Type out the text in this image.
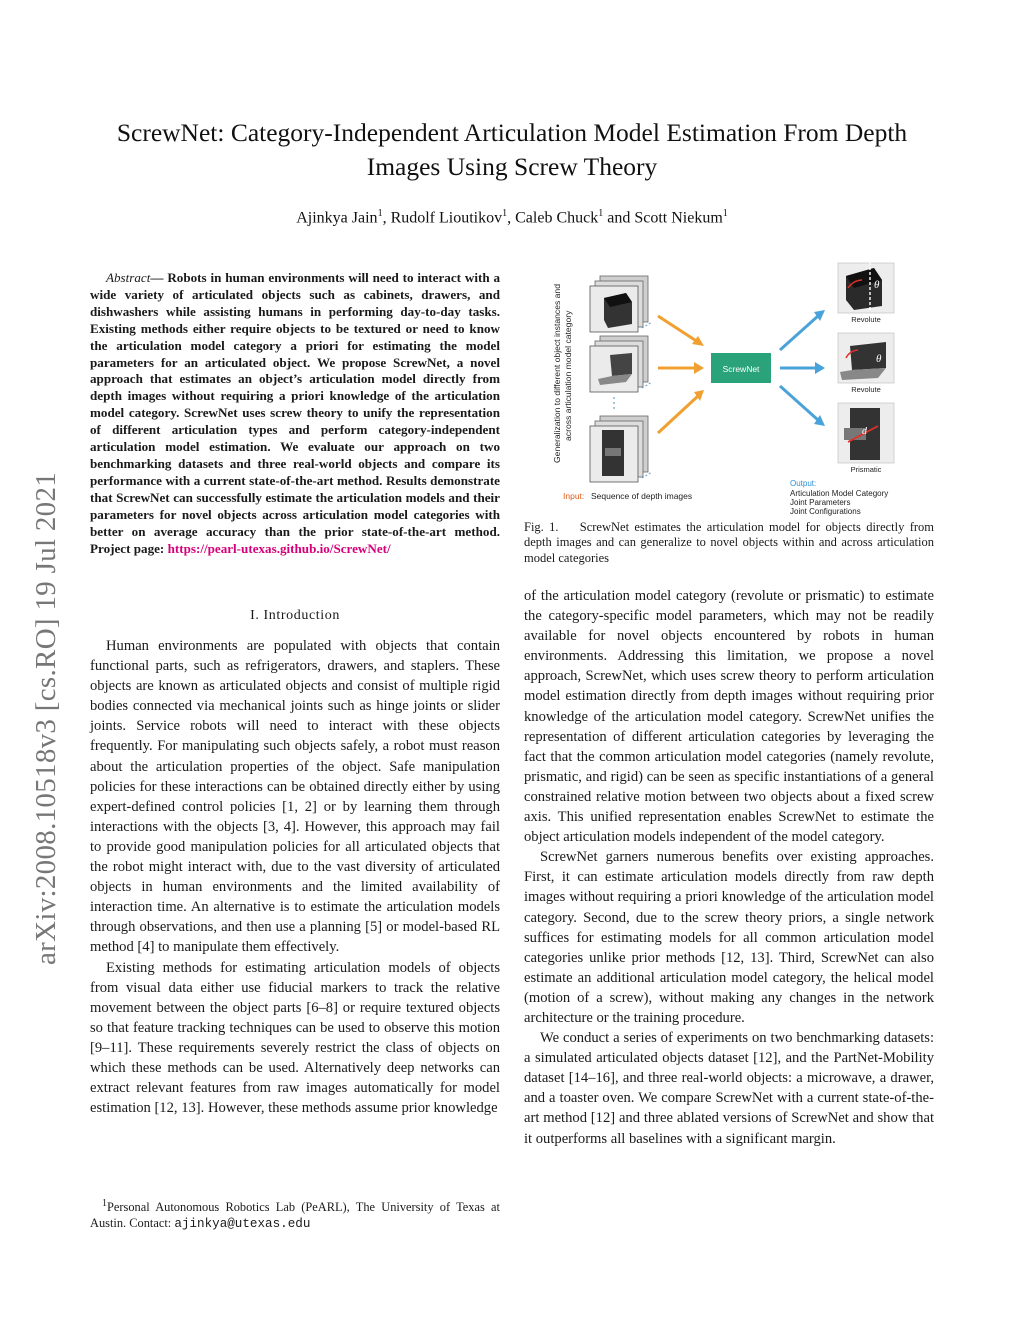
arXiv:2008.10518v3 [cs.RO] 19 Jul 2021
ScrewNet: Category-Independent Articulation Model Estimation From Depth Images Using Screw Theory
Ajinkya Jain$^1$, Rudolf Lioutikov$^1$, Caleb Chuck$^1$ and Scott Niekum$^1$
Abstract— Robots in human environments will need to interact with a wide variety of articulated objects such as cabinets, drawers, and dishwashers while assisting humans in performing day-to-day tasks. Existing methods either require objects to be textured or need to know the articulation model category a priori for estimating the model parameters for an articulated object. We propose ScrewNet, a novel approach that estimates an object’s articulation model directly from depth images without requiring a priori knowledge of the articulation model category. ScrewNet uses screw theory to unify the representation of different articulation types and perform category-independent articulation model estimation. We evaluate our approach on two benchmarking datasets and three real-world objects and compare its performance with a current state-of-the-art method. Results demonstrate that ScrewNet can successfully estimate the articulation models and their parameters for novel objects across articulation model categories with better on average accuracy than the prior state-of-the-art method. Project page: https://pearl-utexas.github.io/ScrewNet/
I. Introduction

Human environments are populated with objects that contain functional parts, such as refrigerators, drawers, and staplers. These objects are known as articulated objects and consist of multiple rigid bodies connected via mechanical joints such as hinge joints or slider joints. Service robots will need to interact with these objects frequently. For manipulating such objects safely, a robot must reason about the articulation properties of the object. Safe manipulation policies for these interactions can be obtained directly either by using expert-defined control policies [1, 2] or by learning them through interactions with the objects [3, 4]. However, this approach may fail to provide good manipulation policies for all articulated objects that the robot might interact with, due to the vast diversity of articulated objects in human environments and the limited availability of interaction time. An alternative is to estimate the articulation models through observations, and then use a planning [5] or model-based RL method [4] to manipulate them effectively.

Existing methods for estimating articulation models of objects from visual data either use fiducial markers to track the relative movement between the object parts [6–8] or require textured objects so that feature tracking techniques can be used to observe this motion [9–11]. These requirements severely restrict the class of objects on which these methods can be used. Alternatively deep networks can extract relevant features from raw images automatically for model estimation [12, 13]. However, these methods assume prior knowledge

$^1$Personal Autonomous Robotics Lab (PeARL), The University of Texas at Austin. Contact: ajinkya@utexas.edu
Generalization to different object instances and across articulation model category	ScrewNet
θ
Revolute
θ
Revolute
d
Prismatic
Input: Sequence of depth images
Output:
Articulation Model Category
Joint Parameters
Joint Configurations
Fig. 1. ScrewNet estimates the articulation model for objects directly from depth images and can generalize to novel objects within and across articulation model categories

of the articulation model category (revolute or prismatic) to estimate the category-specific model parameters, which may not be readily available for novel objects encountered by robots in human environments. Addressing this limitation, we propose a novel approach, ScrewNet, which uses screw theory to perform articulation model estimation directly from depth images without requiring prior knowledge of the articulation model category. ScrewNet unifies the representation of different articulation categories by leveraging the fact that the common articulation model categories (namely revolute, prismatic, and rigid) can be seen as specific instantiations of a general constrained relative motion between two objects about a fixed screw axis. This unified representation enables ScrewNet to estimate the object articulation models independent of the model category.

ScrewNet garners numerous benefits over existing approaches. First, it can estimate articulation models directly from raw depth images without requiring a priori knowledge of the articulation model category. Second, due to the screw theory priors, a single network suffices for estimating models for all common articulation model categories unlike prior methods [12, 13]. Third, ScrewNet can also estimate an additional articulation model category, the helical model (motion of a screw), without making any changes in the network architecture or the training procedure.

We conduct a series of experiments on two benchmarking datasets: a simulated articulated objects dataset [12], and the PartNet-Mobility dataset [14–16], and three real-world objects: a microwave, a drawer, and a toaster oven. We compare ScrewNet with a current state-of-the-art method [12] and three ablated versions of ScrewNet and show that it outperforms all baselines with a significant margin.
